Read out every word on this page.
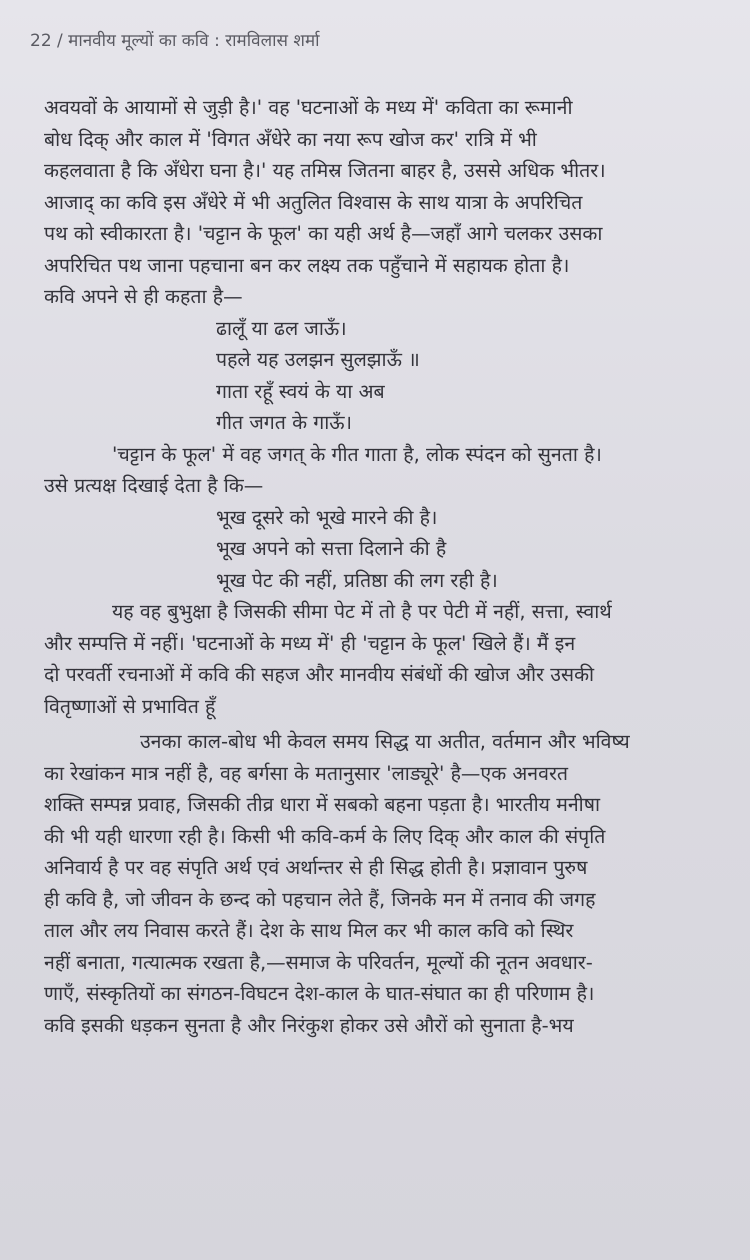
22 / मानवीय मूल्यों का कवि : रामविलास शर्मा
अवयवों के आयामों से जुड़ी है।' वह 'घटनाओं के मध्य में' कविता का रूमानी
बोध दिक् और काल में 'विगत अँधेरे का नया रूप खोज कर' रात्रि में भी
कहलवाता है कि अँधेरा घना है।' यह तमिस्र जितना बाहर है, उससे अधिक भीतर।
आजाद् का कवि इस अँधेरे में भी अतुलित विश्वास के साथ यात्रा के अपरिचित
पथ को स्वीकारता है। 'चट्टान के फूल' का यही अर्थ है—जहाँ आगे चलकर उसका
अपरिचित पथ जाना पहचाना बन कर लक्ष्य तक पहुँचाने में सहायक होता है।
कवि अपने से ही कहता है—
ढालूँ या ढल जाऊँ।
पहले यह उलझन सुलझाऊँ ॥
गाता रहूँ स्वयं के या अब
गीत जगत के गाऊँ।
'चट्टान के फूल' में वह जगत् के गीत गाता है, लोक स्पंदन को सुनता है।
उसे प्रत्यक्ष दिखाई देता है कि—
भूख दूसरे को भूखे मारने की है।
भूख अपने को सत्ता दिलाने की है
भूख पेट की नहीं, प्रतिष्ठा की लग रही है।
यह वह बुभुक्षा है जिसकी सीमा पेट में तो है पर पेटी में नहीं, सत्ता, स्वार्थ
और सम्पत्ति में नहीं। 'घटनाओं के मध्य में' ही 'चट्टान के फूल' खिले हैं। मैं इन
दो परवर्ती रचनाओं में कवि की सहज और मानवीय संबंधों की खोज और उसकी
वितृष्णाओं से प्रभावित हूँ
उनका काल-बोध भी केवल समय सिद्ध या अतीत, वर्तमान और भविष्य
का रेखांकन मात्र नहीं है, वह बर्गसा के मतानुसार 'लाड्यूरे' है—एक अनवरत
शक्ति सम्पन्न प्रवाह, जिसकी तीव्र धारा में सबको बहना पड़ता है। भारतीय मनीषा
की भी यही धारणा रही है। किसी भी कवि-कर्म के लिए दिक् और काल की संपृति
अनिवार्य है पर वह संपृति अर्थ एवं अर्थान्तर से ही सिद्ध होती है। प्रज्ञावान पुरुष
ही कवि है, जो जीवन के छन्द को पहचान लेते हैं, जिनके मन में तनाव की जगह
ताल और लय निवास करते हैं। देश के साथ मिल कर भी काल कवि को स्थिर
नहीं बनाता, गत्यात्मक रखता है,—समाज के परिवर्तन, मूल्यों की नूतन अवधार-
णाएँ, संस्कृतियों का संगठन-विघटन देश-काल के घात-संघात का ही परिणाम है।
कवि इसकी धड़कन सुनता है और निरंकुश होकर उसे औरों को सुनाता है-भय
